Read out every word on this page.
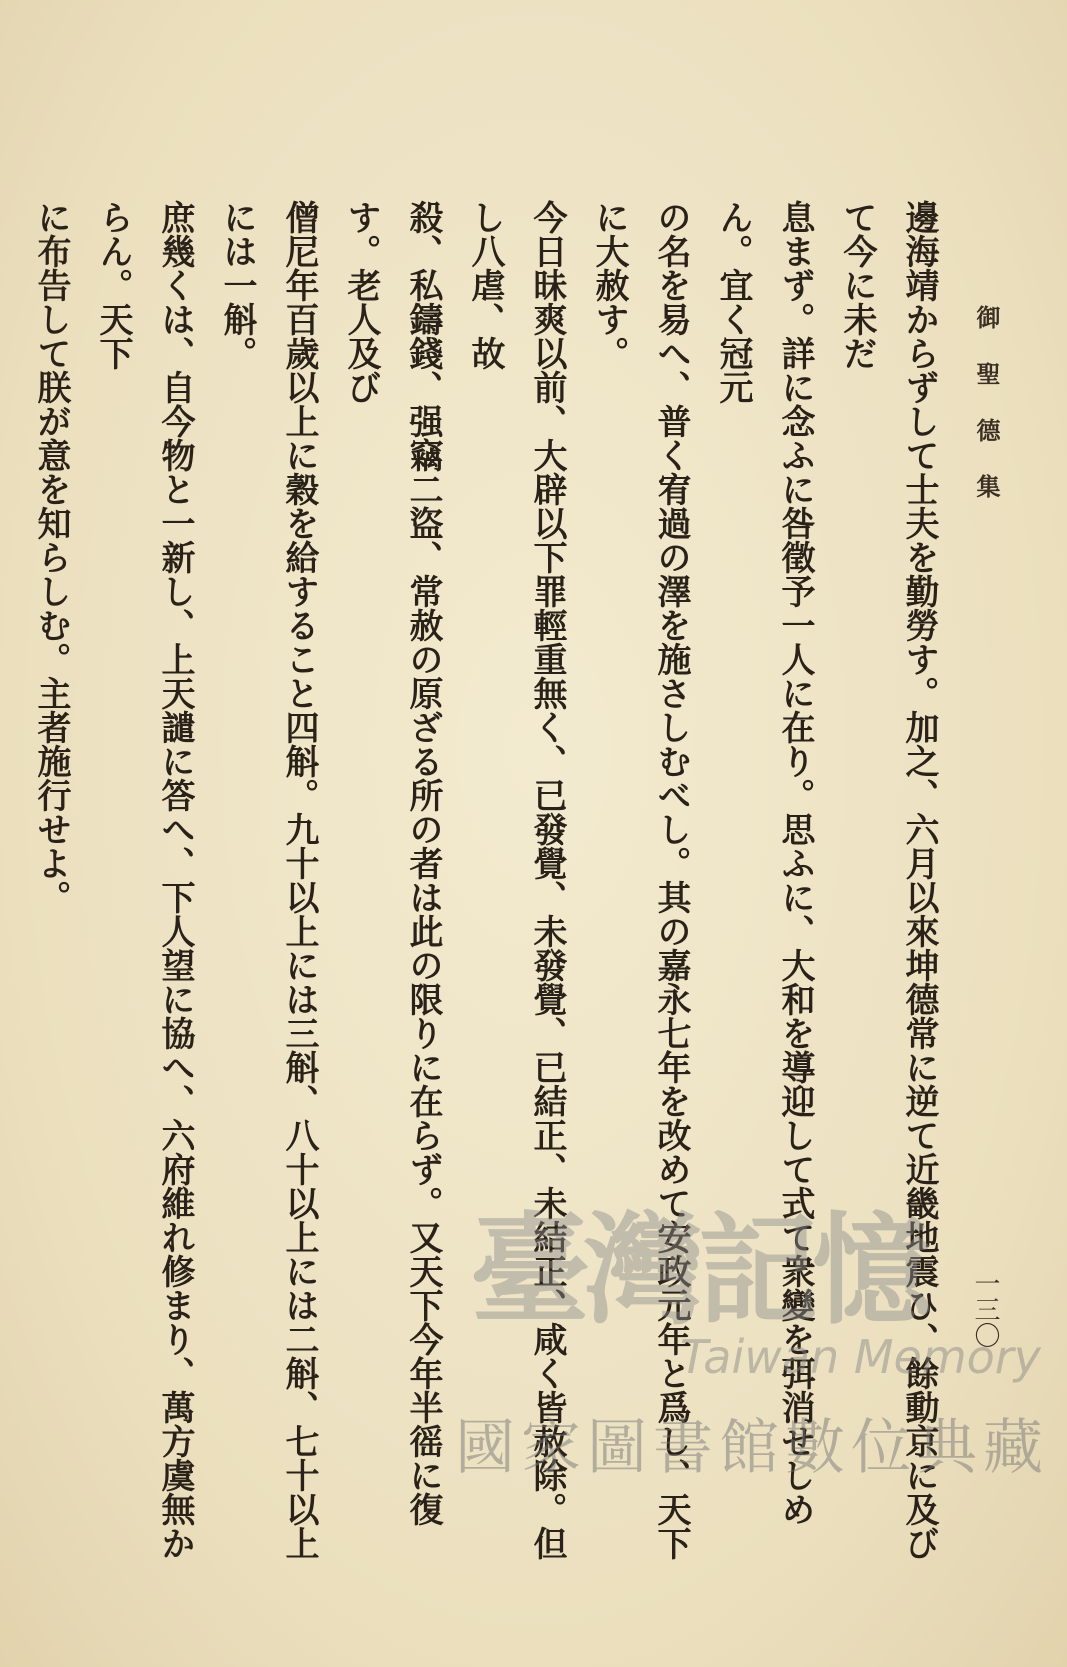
御 聖 德 集
一三〇

邊海靖からずして士夫を勤勞す。加之、六月以來坤德常に逆て近畿地震ひ、餘動京に及びて今に未だ

息まず。詳に念ふに咎徵予一人に在り。思ふに、大和を導迎して式て衆變を弭消せしめん。宜く冠元

の名を易へ、普く宥過の澤を施さしむべし。其の嘉永七年を改めて安政元年と爲し、天下に大赦す。

今日昧爽以前、大辟以下罪輕重無く、已發覺、未發覺、已結正、未結正、咸く皆赦除。但し八虐、故

殺、私鑄錢、强竊二盜、常赦の原ざる所の者は此の限りに在らず。又天下今年半徭に復す。老人及び

僧尼年百歲以上に穀を給すること四斛。九十以上には三斛、八十以上には二斛、七十以上には一斛。

庶幾くは、自今物と一新し、上天譴に答へ、下人望に協へ、六府維れ修まり、萬方虞無からん。天下

に布告して朕が意を知らしむ。主者施行せよ。

臺灣記憶
Taiwan Memory
國家圖書館數位典藏
